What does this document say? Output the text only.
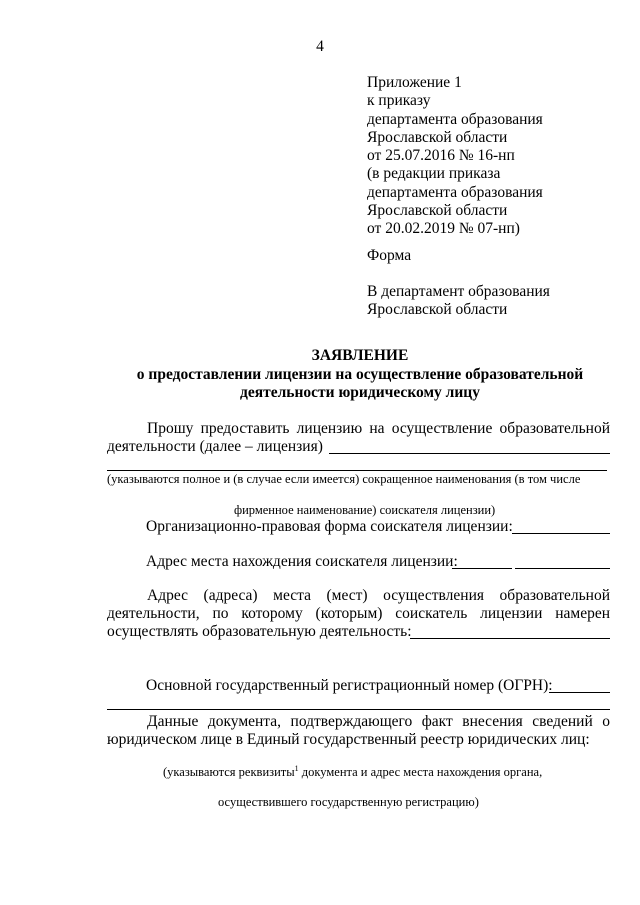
4
Приложение 1
к приказу
департамента образования
Ярославской области
от 25.07.2016 № 16-нп
(в редакции приказа
департамента образования
Ярославской области
от 20.02.2019 № 07-нп)
Форма
В департамент образования
Ярославской области
ЗАЯВЛЕНИЕ
о предоставлении лицензии на осуществление образовательной
деятельности юридическому лицу
Прошу предоставить лицензию на осуществление образовательной
деятельности (далее – лицензия)
(указываются полное и (в случае если имеется) сокращенное наименования (в том числе
фирменное наименование) соискателя лицензии)
Организационно-правовая форма соискателя лицензии:
Адрес места нахождения соискателя лицензии:
Адрес (адреса) места (мест) осуществления образовательной
деятельности, по которому (которым) соискатель лицензии намерен
осуществлять образовательную деятельность:
Основной государственный регистрационный номер (ОГРН):
Данные документа, подтверждающего факт внесения сведений о
юридическом лице в Единый государственный реестр юридических лиц:
(указываются реквизиты$^1$ документа и адрес места нахождения органа,
осуществившего государственную регистрацию)
